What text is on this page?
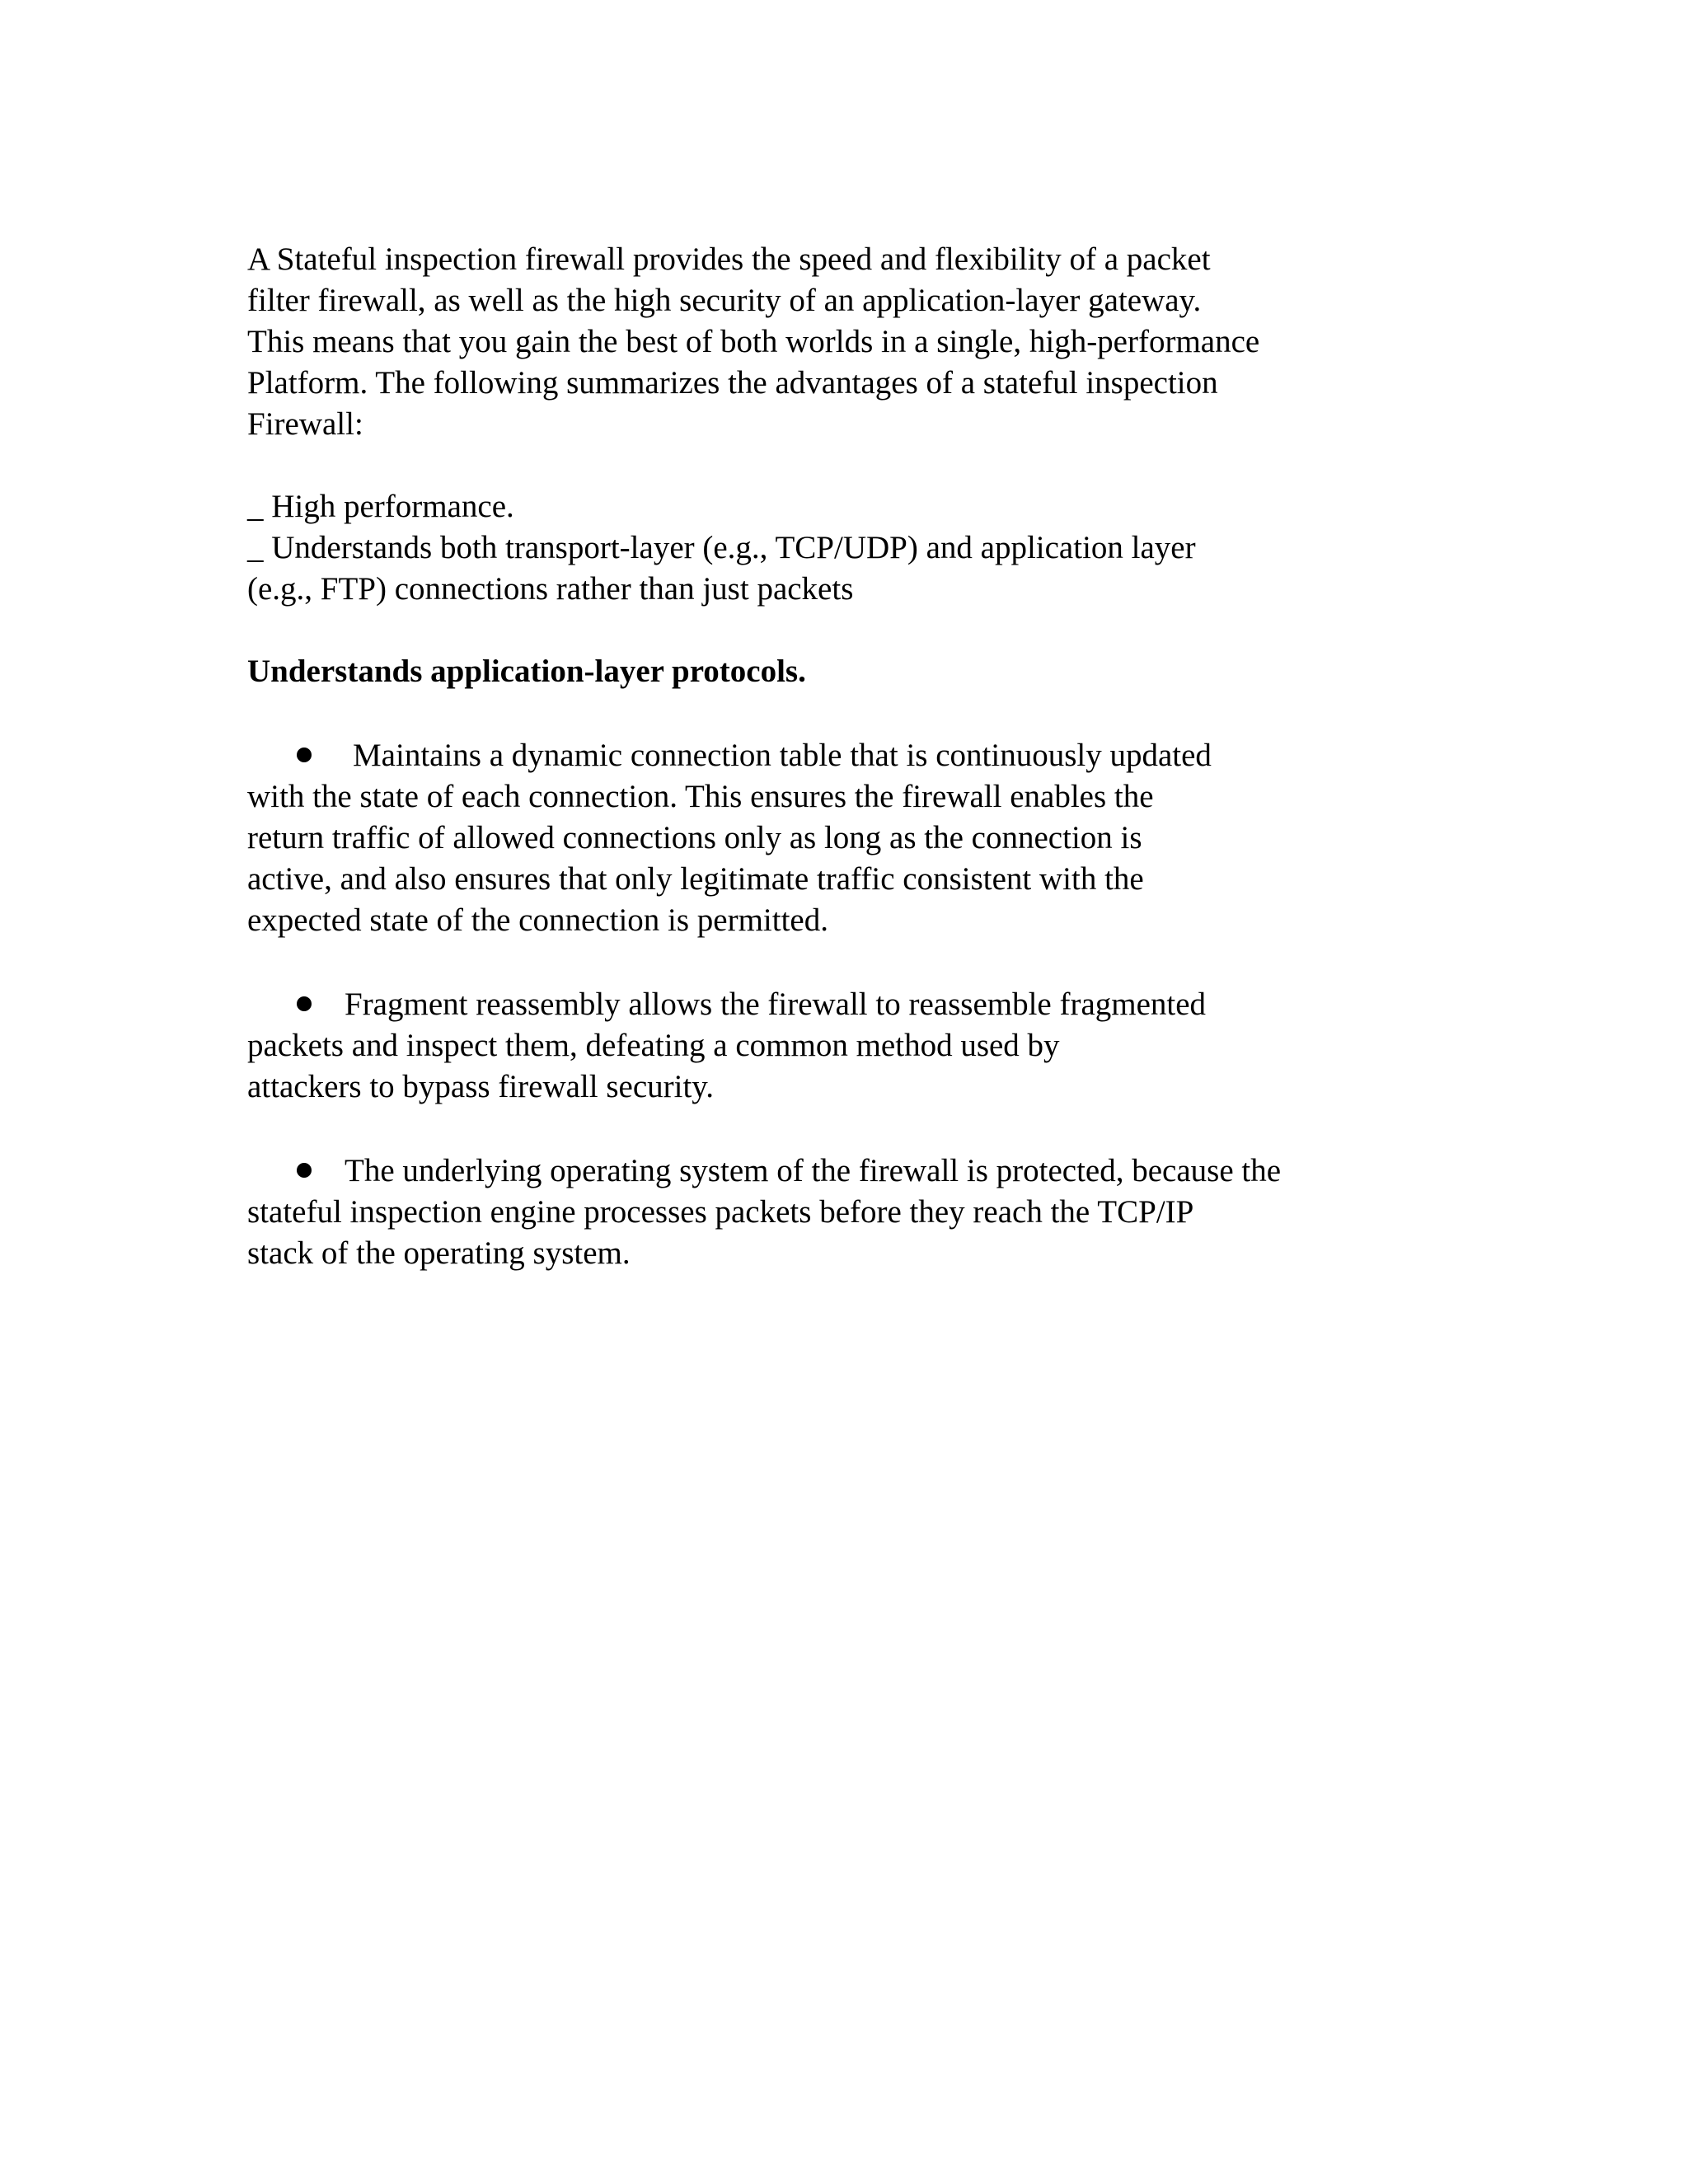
A Stateful inspection firewall provides the speed and flexibility of a packet
filter firewall, as well as the high security of an application-layer gateway.
This means that you gain the best of both worlds in a single, high-performance
Platform. The following summarizes the advantages of a stateful inspection
Firewall:
_ High performance.
_ Understands both transport-layer (e.g., TCP/UDP) and application layer
(e.g., FTP) connections rather than just packets
Understands application-layer protocols.
Maintains a dynamic connection table that is continuously updated
with the state of each connection. This ensures the firewall enables the
return traffic of allowed connections only as long as the connection is
active, and also ensures that only legitimate traffic consistent with the
expected state of the connection is permitted.
Fragment reassembly allows the firewall to reassemble fragmented
packets and inspect them, defeating a common method used by
attackers to bypass firewall security.
The underlying operating system of the firewall is protected, because the
stateful inspection engine processes packets before they reach the TCP/IP
stack of the operating system.
